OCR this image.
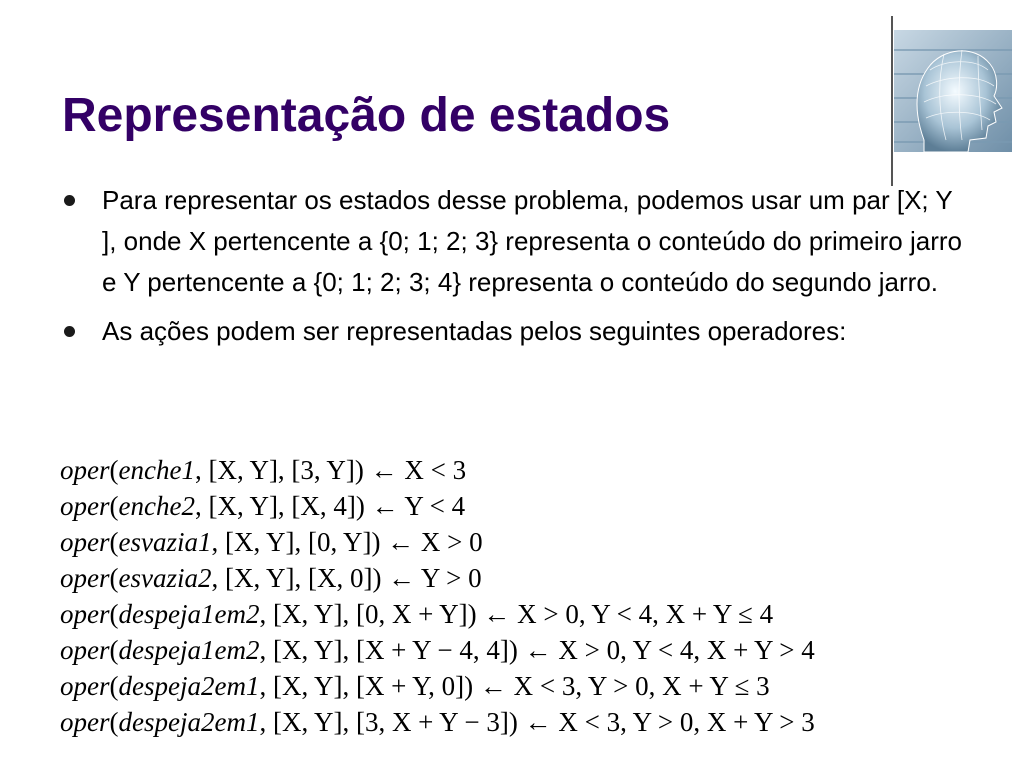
Representação de estados
Para representar os estados desse problema, podemos usar um par [X; Y ], onde X pertencente a {0; 1; 2; 3} representa o conteúdo do primeiro jarro e Y pertencente a {0; 1; 2; 3; 4} representa o conteúdo do segundo jarro.
As ações podem ser representadas pelos seguintes operadores:
oper(enche1, [X, Y], [3, Y]) ← X < 3
oper(enche2, [X, Y], [X, 4]) ← Y < 4
oper(esvazia1, [X, Y], [0, Y]) ← X > 0
oper(esvazia2, [X, Y], [X, 0]) ← Y > 0
oper(despeja1em2, [X, Y], [0, X + Y]) ← X > 0, Y < 4, X + Y ≤ 4
oper(despeja1em2, [X, Y], [X + Y − 4, 4]) ← X > 0, Y < 4, X + Y > 4
oper(despeja2em1, [X, Y], [X + Y, 0]) ← X < 3, Y > 0, X + Y ≤ 3
oper(despeja2em1, [X, Y], [3, X + Y − 3]) ← X < 3, Y > 0, X + Y > 3
